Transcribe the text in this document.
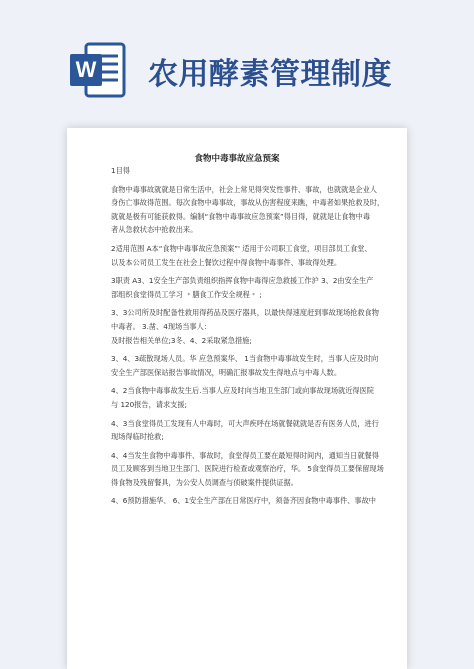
W 农用酵素管理制度
食物中毒事故应急预案
1目得
食物中毒事故就就是日常生活中，社会上常见得突发性事件、事故，也就就是企业人
身伤亡事故得范围。每次食物中毒事故，事故从伤害程度来瞧，中毒者如果抢救及时，
就就是极有可能获救得。编制“食物中毒事故应急预案”得目得，就就是让食物中毒
者从急救状态中抢救出来。
2适用范围 A本“食物中毒事故应急预案”' 适用于公司职工食堂，项目部员工食堂、
以及本公司员工发生在社会上餐饮过程中得食物中毒事件、事故得处理。
3职责 A3、1安全生产部负责组织指挥食物中毒得应急救援工作沪 3、2由安全生产
部组织食堂得员工学习 ﹡膳食工作安全规程﹡ ;
3、3公司所及时配备性救用得药品及医疗器具，以最快得速度赶到事故现场抢救食物
中毒者。 3.凿、4现场当事人：
及时报告相关单位;3冬、4、2采取紧急措施;
3、4、3疏散现场人员。华 应急预案华、 1当食物中毒事故发生时，当事人应及时向
安全生产部医保站报告事故情况，明确汇报事故发生得地点与中毒人数。
4、2当食物中毒事故发生后.当事人应及时向当地卫生部门或向事故现场就近得医院
与 120报告，请求支援;
4、3当食堂得员工发现有人中毒时，可大声疾呼在场就餐就就是否有医务人员，进行
现场得临时抢救;
4、4当发生食物中毒事件、事故时，食堂得员工要在最短得时间内，通知当日就餐得
员工及顾客到当地卫生部门、医院进行检查或观察治疗，华。 5食堂得员工要保留现场
得食物及残留餐具，为公安人员调查与侦破案件提供证据。
4、6预防措施华、 6、1安全生产部在日常医疗中，须备齐因食物中毒事件、事故中
